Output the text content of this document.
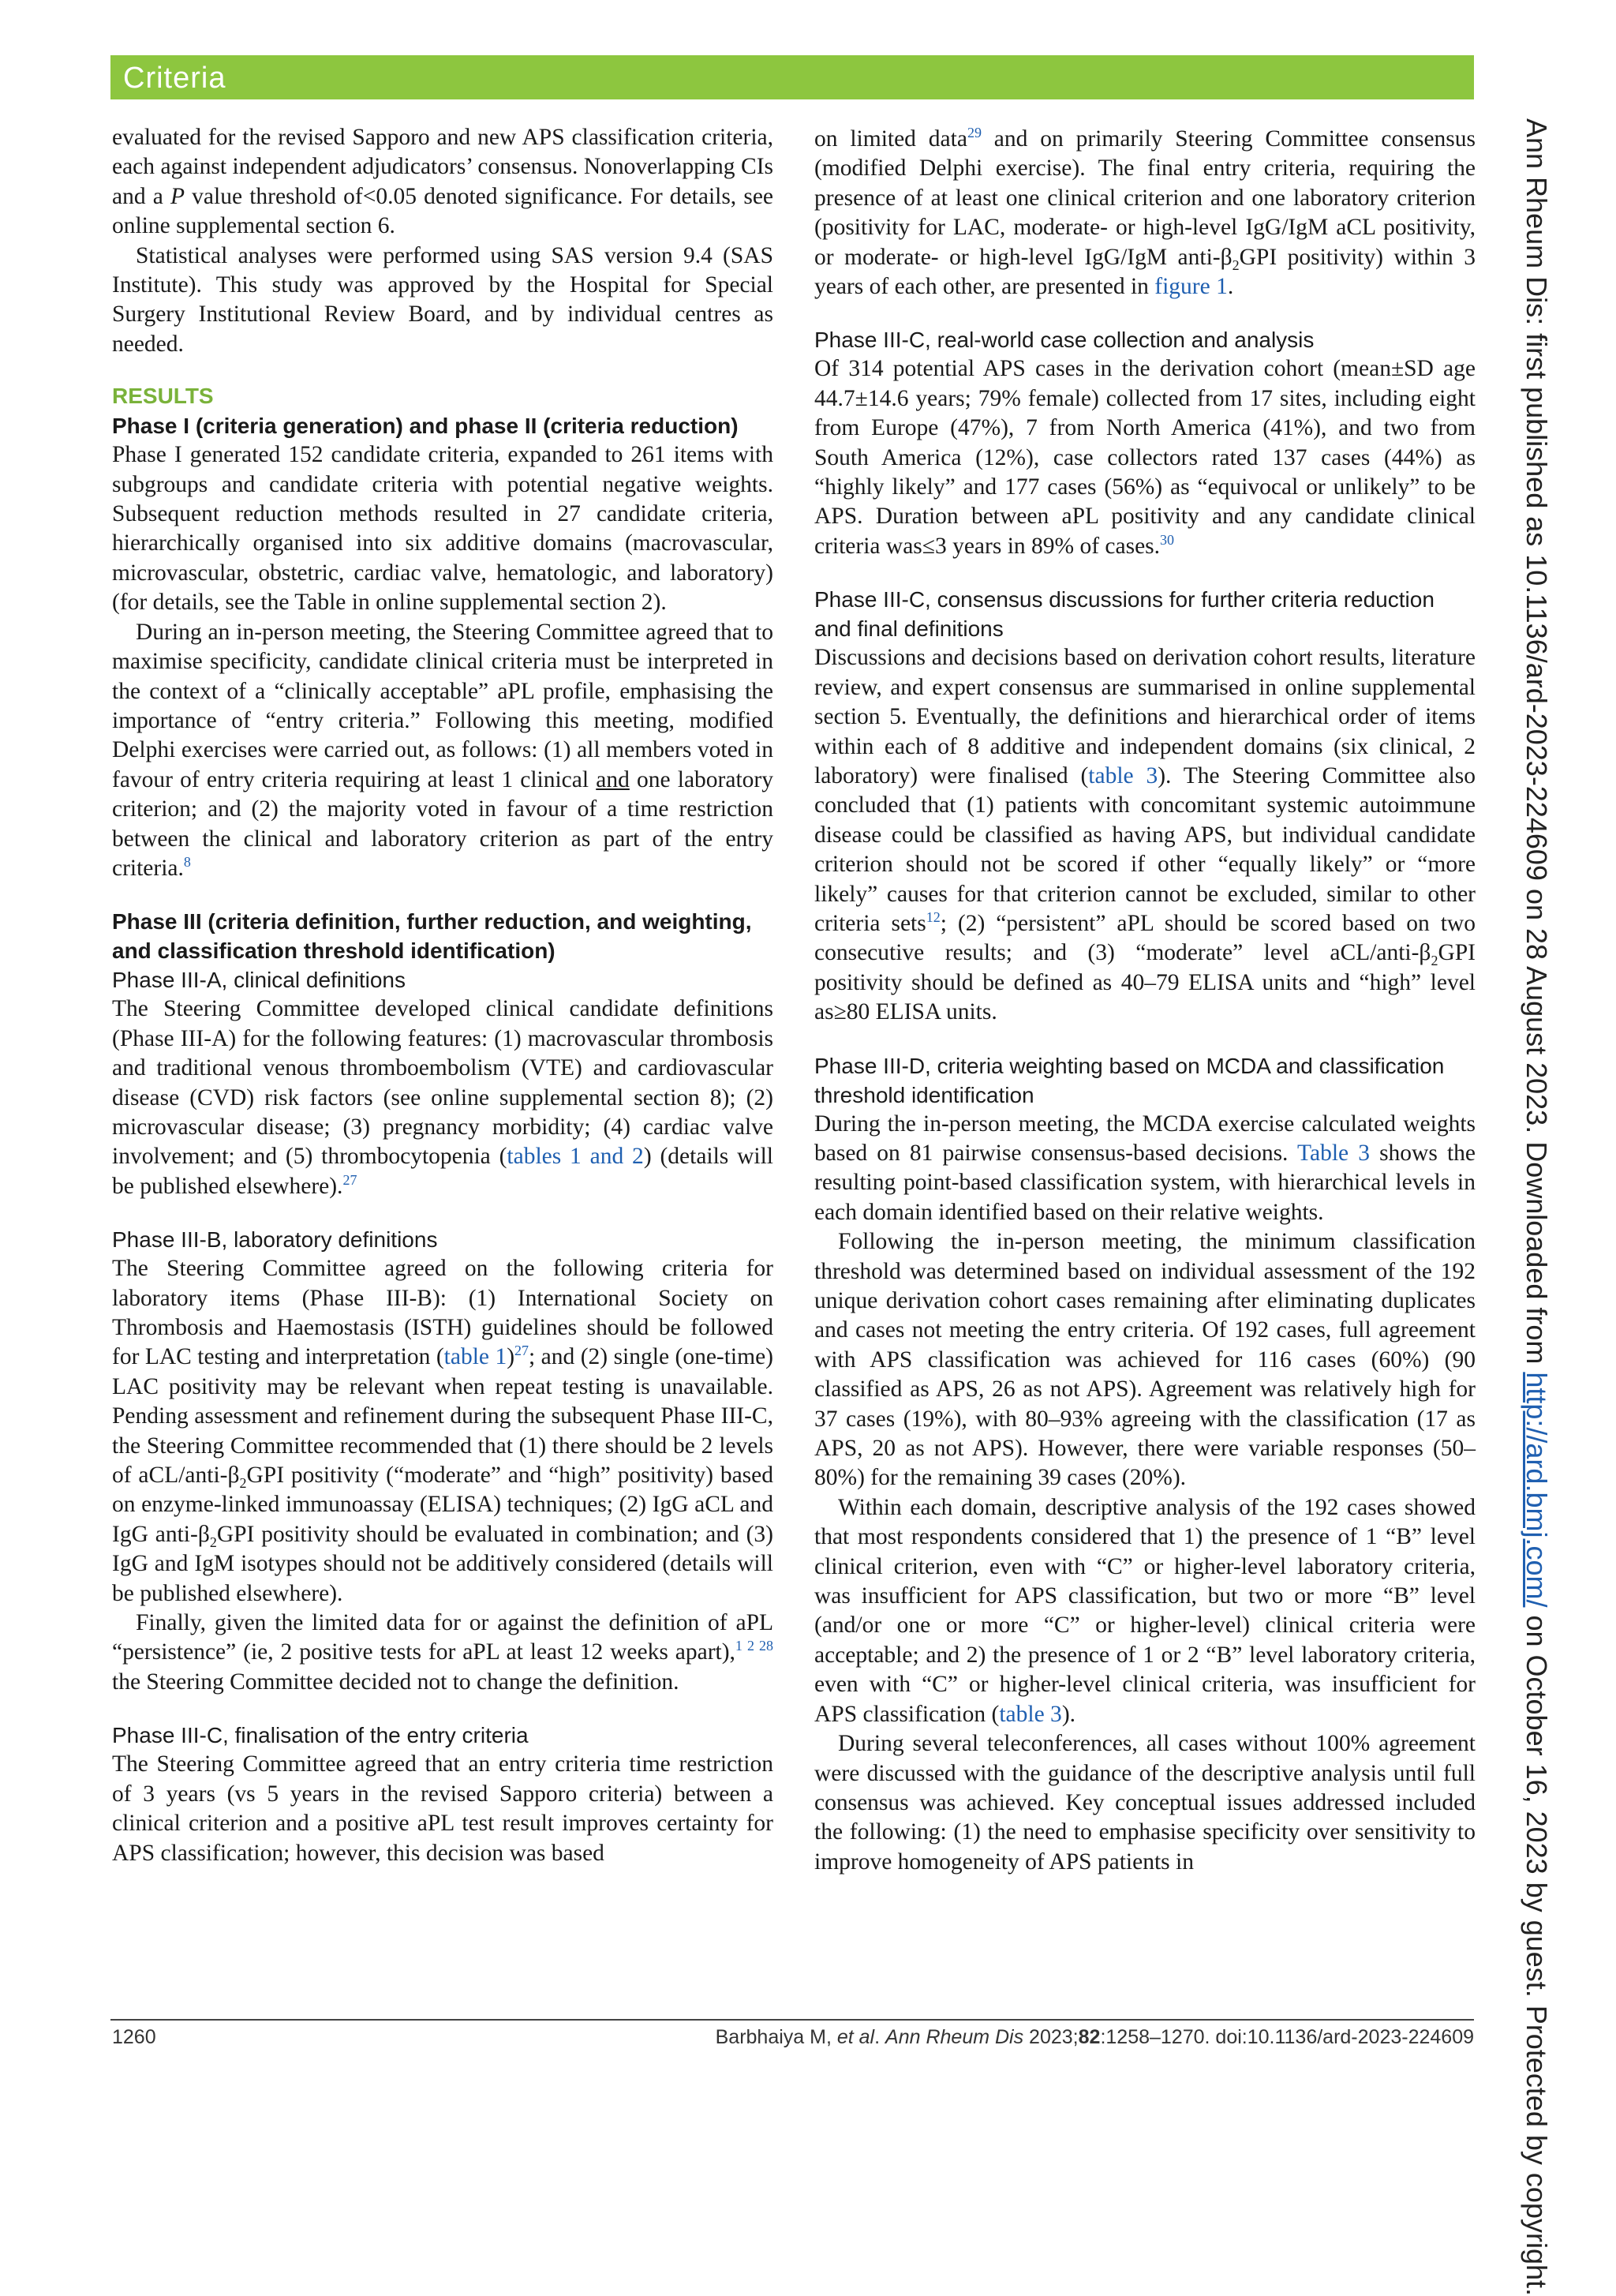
Criteria

evaluated for the revised Sapporo and new APS classification criteria, each against independent adjudicators’ consensus. Nonoverlapping CIs and a P value threshold of<0.05 denoted significance. For details, see online supplemental section 6.

Statistical analyses were performed using SAS version 9.4 (SAS Institute). This study was approved by the Hospital for Special Surgery Institutional Review Board, and by individual centres as needed.

RESULTS
Phase I (criteria generation) and phase II (criteria reduction)

Phase I generated 152 candidate criteria, expanded to 261 items with subgroups and candidate criteria with potential negative weights. Subsequent reduction methods resulted in 27 candidate criteria, hierarchically organised into six additive domains (macrovascular, microvascular, obstetric, cardiac valve, hematologic, and laboratory) (for details, see the Table in online supplemental section 2).

During an in-person meeting, the Steering Committee agreed that to maximise specificity, candidate clinical criteria must be interpreted in the context of a “clinically acceptable” aPL profile, emphasising the importance of “entry criteria.” Following this meeting, modified Delphi exercises were carried out, as follows: (1) all members voted in favour of entry criteria requiring at least 1 clinical and one laboratory criterion; and (2) the majority voted in favour of a time restriction between the clinical and laboratory criterion as part of the entry criteria.$^8$

Phase III (criteria definition, further reduction, and weighting, and classification threshold identification)
Phase III-A, clinical definitions

The Steering Committee developed clinical candidate definitions (Phase III-A) for the following features: (1) macrovascular thrombosis and traditional venous thromboembolism (VTE) and cardiovascular disease (CVD) risk factors (see online supplemental section 8); (2) microvascular disease; (3) pregnancy morbidity; (4) cardiac valve involvement; and (5) thrombocytopenia (tables 1 and 2) (details will be published elsewhere).$^{27}$

Phase III-B, laboratory definitions

The Steering Committee agreed on the following criteria for laboratory items (Phase III-B): (1) International Society on Thrombosis and Haemostasis (ISTH) guidelines should be followed for LAC testing and interpretation (table 1)$^{27}$; and (2) single (one-time) LAC positivity may be relevant when repeat testing is unavailable. Pending assessment and refinement during the subsequent Phase III-C, the Steering Committee recommended that (1) there should be 2 levels of aCL/$anti-\beta_2GPI$ positivity (“moderate” and “high” positivity) based on enzyme-linked immunoassay (ELISA) techniques; (2) IgG aCL and IgG anti-$\beta_2GPI$ positivity should be evaluated in combination; and (3) IgG and IgM isotypes should not be additively considered (details will be published elsewhere).

Finally, given the limited data for or against the definition of aPL “persistence” (ie, 2 positive tests for aPL at least 12 weeks apart),$^{1 2 28}$ the Steering Committee decided not to change the definition.

Phase III-C, finalisation of the entry criteria

The Steering Committee agreed that an entry criteria time restriction of 3 years (vs 5 years in the revised Sapporo criteria) between a clinical criterion and a positive aPL test result improves certainty for APS classification; however, this decision was based

on limited data$^{29}$ and on primarily Steering Committee consensus (modified Delphi exercise). The final entry criteria, requiring the presence of at least one clinical criterion and one laboratory criterion (positivity for LAC, moderate- or high-level IgG/IgM aCL positivity, or moderate- or high-level IgG/IgM anti-$\beta_2GPI$ positivity) within 3 years of each other, are presented in figure 1.

Phase III-C, real-world case collection and analysis

Of 314 potential APS cases in the derivation cohort (mean±SD age 44.7±14.6 years; 79% female) collected from 17 sites, including eight from Europe (47%), 7 from North America (41%), and two from South America (12%), case collectors rated 137 cases (44%) as “highly likely” and 177 cases (56%) as “equivocal or unlikely” to be APS. Duration between aPL positivity and any candidate clinical criteria was≤3 years in 89% of cases.$^{30}$

Phase III-C, consensus discussions for further criteria reduction and final definitions

Discussions and decisions based on derivation cohort results, literature review, and expert consensus are summarised in online supplemental section 5. Eventually, the definitions and hierarchical order of items within each of 8 additive and independent domains (six clinical, 2 laboratory) were finalised (table 3). The Steering Committee also concluded that (1) patients with concomitant systemic autoimmune disease could be classified as having APS, but individual candidate criterion should not be scored if other “equally likely” or “more likely” causes for that criterion cannot be excluded, similar to other criteria sets$^{12}$; (2) “persistent” aPL should be scored based on two consecutive results; and (3) “moderate” level aCL/$anti-\beta_2GPI$ positivity should be defined as 40–79 ELISA units and “high” level as≥80 ELISA units.

Phase III-D, criteria weighting based on MCDA and classification threshold identification

During the in-person meeting, the MCDA exercise calculated weights based on 81 pairwise consensus-based decisions. Table 3 shows the resulting point-based classification system, with hierarchical levels in each domain identified based on their relative weights.

Following the in-person meeting, the minimum classification threshold was determined based on individual assessment of the 192 unique derivation cohort cases remaining after eliminating duplicates and cases not meeting the entry criteria. Of 192 cases, full agreement with APS classification was achieved for 116 cases (60%) (90 classified as APS, 26 as not APS). Agreement was relatively high for 37 cases (19%), with 80–93% agreeing with the classification (17 as APS, 20 as not APS). However, there were variable responses (50–80%) for the remaining 39 cases (20%).

Within each domain, descriptive analysis of the 192 cases showed that most respondents considered that 1) the presence of 1 “B” level clinical criterion, even with “C” or higher-level laboratory criteria, was insufficient for APS classification, but two or more “B” level (and/or one or more “C” or higher-level) clinical criteria were acceptable; and 2) the presence of 1 or 2 “B” level laboratory criteria, even with “C” or higher-level clinical criteria, was insufficient for APS classification (table 3).

During several teleconferences, all cases without 100% agreement were discussed with the guidance of the descriptive analysis until full consensus was achieved. Key conceptual issues addressed included the following: (1) the need to emphasise specificity over sensitivity to improve homogeneity of APS patients in

1260	Barbhaiya M, et al. Ann Rheum Dis 2023;82:1258–1270. doi:10.1136/ard-2023-224609
Ann Rheum Dis: first published as 10.1136/ard-2023-224609 on 28 August 2023. Downloaded from http://ard.bmj.com/ on October 16, 2023 by guest. Protected by copyright.
